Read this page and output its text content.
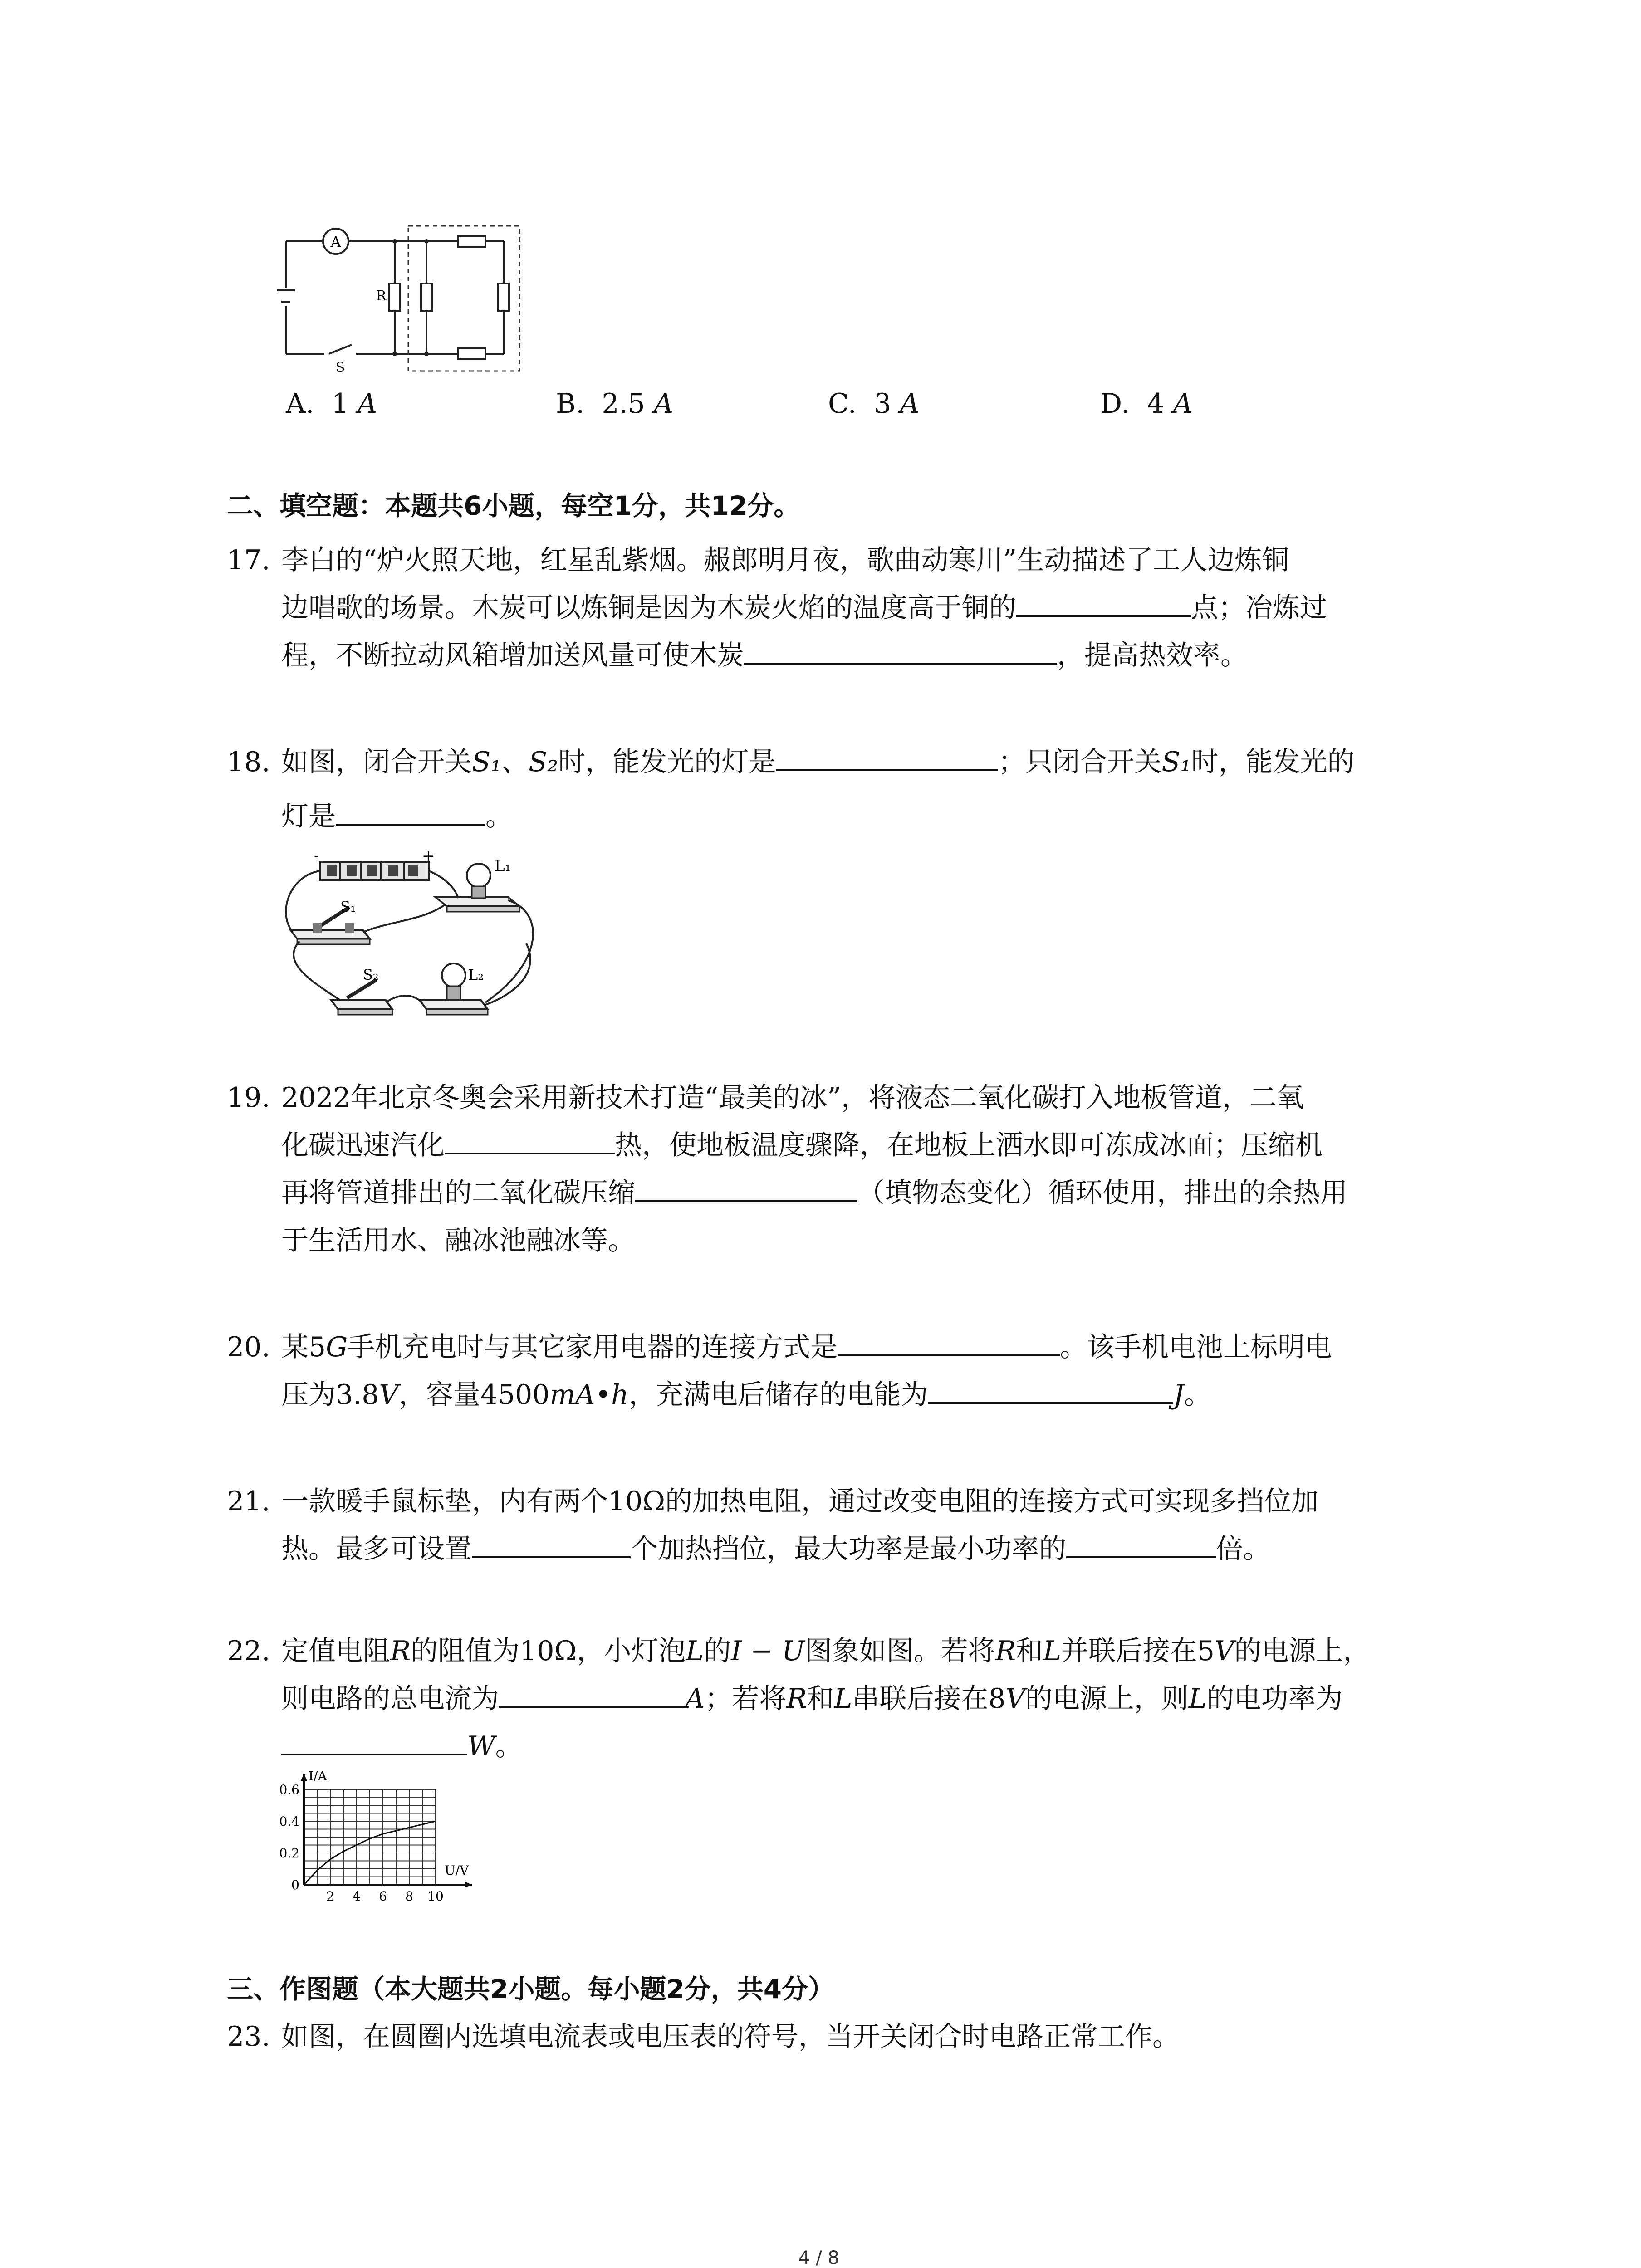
A
R
S
A. 1 A	B. 2.5 A	C. 3 A	D. 4 A
二、填空题：本题共6小题，每空1分，共12分。
17. 李白的“炉火照天地，红星乱紫烟。赧郎明月夜，歌曲动寒川”生动描述了工人边炼铜
边唱歌的场景。木炭可以炼铜是因为木炭火焰的温度高于铜的	点；冶炼过
程，不断拉动风箱增加送风量可使木炭	，提高热效率。
18. 如图，闭合开关S₁、S₂时，能发光的灯是	；只闭合开关S₁时，能发光的
灯是	。
-	+
L₁
S₁
S₂	L₂
19. 2022年北京冬奥会采用新技术打造“最美的冰”，将液态二氧化碳打入地板管道，二氧
化碳迅速汽化	热，使地板温度骤降，在地板上洒水即可冻成冰面；压缩机
再将管道排出的二氧化碳压缩	（填物态变化）循环使用，排出的余热用
于生活用水、融冰池融冰等。
20. 某5G手机充电时与其它家用电器的连接方式是	。该手机电池上标明电
压为3.8V，容量4500mA•h，充满电后储存的电能为	J。
21. 一款暖手鼠标垫，内有两个10Ω的加热电阻，通过改变电阻的连接方式可实现多挡位加
热。最多可设置	个加热挡位，最大功率是最小功率的	倍。
22. 定值电阻R的阻值为10Ω，小灯泡L的I − U图象如图。若将R和L并联后接在5V的电源上，
则电路的总电流为	A；若将R和L串联后接在8V的电源上，则L的电功率为
W。
I/A
U/V
0
2 4 6 8 10
0.2
0.4
0.6
三、作图题（本大题共2小题。每小题2分，共4分）
23. 如图，在圆圈内选填电流表或电压表的符号，当开关闭合时电路正常工作。
4 / 8
